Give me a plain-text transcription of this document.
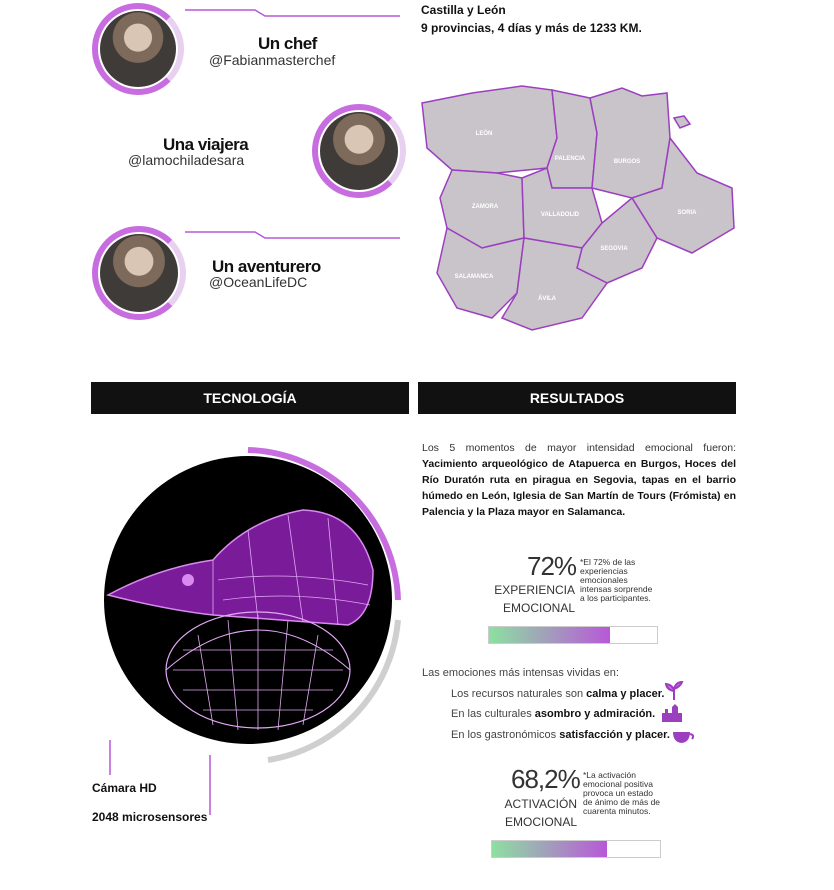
Castilla y León
9 provincias, 4 días y más de 1233 KM.
Un chef
@Fabianmasterchef
Una viajera
@lamochiladesara
Un aventurero
@OceanLifeDC
LEÓN
PALENCIA	BURGOS
ZAMORA
VALLADOLID	SORIA
SALAMANCA
SEGOVIA
ÁVILA
TECNOLOGÍA	RESULTADOS
Cámara HD
2048 microsensores
Los 5 momentos de mayor intensidad emocional fueron: Yacimiento arqueológico de Atapuerca en Burgos, Hoces del Río Duratón ruta en piragua en Segovia, tapas en el barrio húmedo en León, Iglesia de San Martín de Tours (Frómista) en Palencia y la Plaza mayor en Salamanca.
72%
EXPERIENCIA
EMOCIONAL
*El 72% de las experiencias emocionales intensas sorprende a los participantes.
Las emociones más intensas vividas en:
Los recursos naturales son calma y placer.
En las culturales asombro y admiración.
En los gastronómicos satisfacción y placer.
68,2%
ACTIVACIÓN
EMOCIONAL
*La activación emocional positiva provoca un estado de ánimo de más de cuarenta minutos.
